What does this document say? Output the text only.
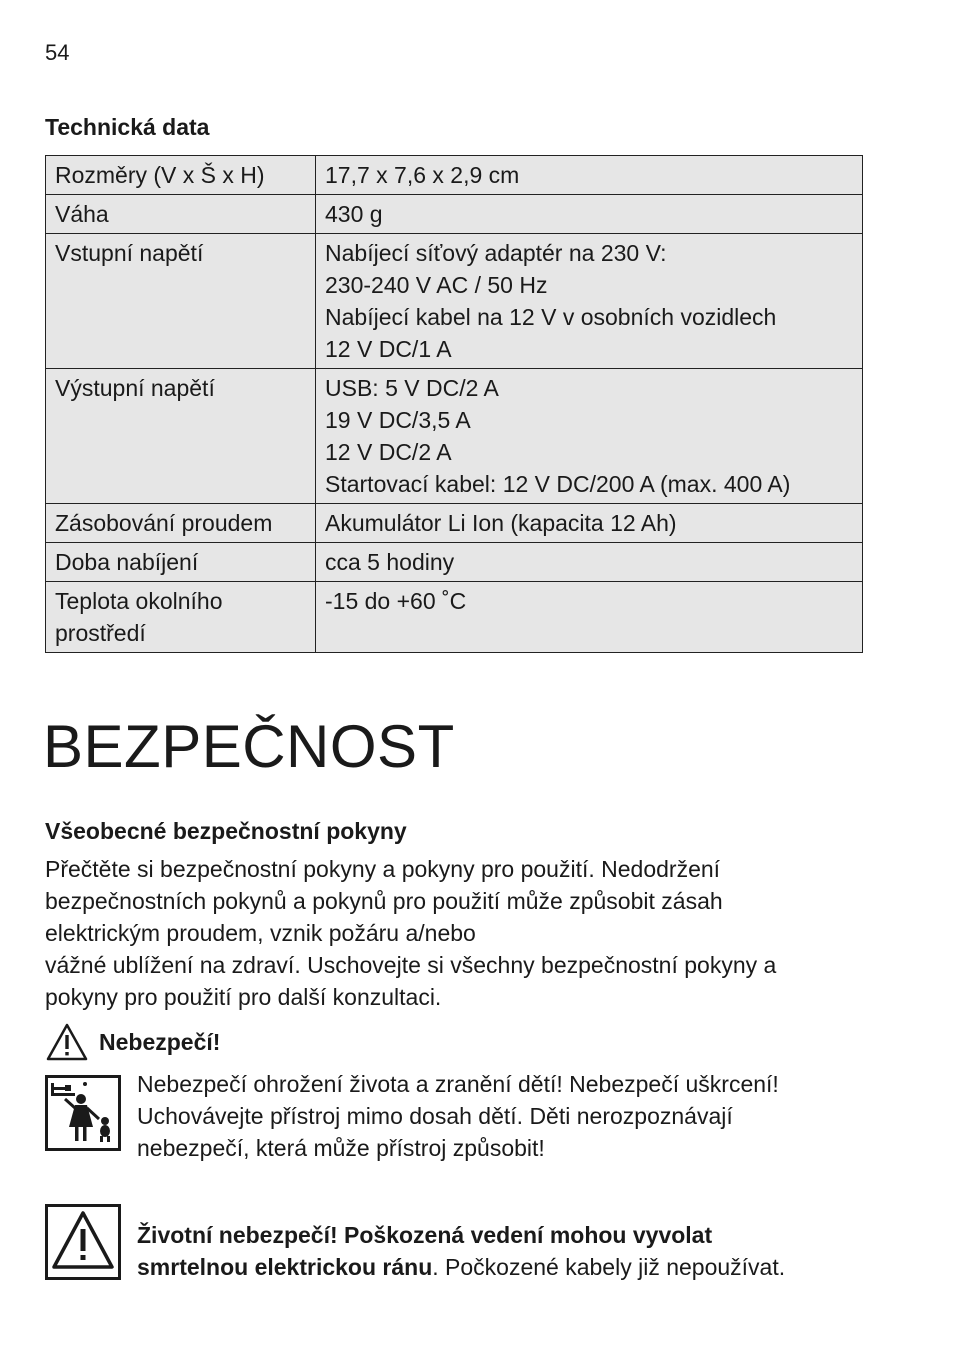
54
Technická data
Rozměry (V x Š x H)	17,7 x 7,6 x 2,9 cm

Váha	430 g

Vstupní napětí	Nabíjecí síťový adaptér na 230 V:
230-240 V AC / 50 Hz
Nabíjecí kabel na 12 V v osobních vozidlech
12 V DC/1 A

Výstupní napětí	USB: 5 V DC/2 A
19 V DC/3,5 A
12 V DC/2 A
Startovací kabel: 12 V DC/200 A (max. 400 A)

Zásobování proudem	Akumulátor Li Ion (kapacita 12 Ah)

Doba nabíjení	cca 5 hodiny

Teplota okolního
prostředí	-15 do +60 ˚C
BEZPEČNOST
Všeobecné bezpečnostní pokyny
Přečtěte si bezpečnostní pokyny a pokyny pro použití. Nedodržení
bezpečnostních pokynů a pokynů pro použití může způsobit zásah
elektrickým proudem, vznik požáru a/nebo
vážné ublížení na zdraví. Uschovejte si všechny bezpečnostní pokyny a
pokyny pro použití pro další konzultaci.
Nebezpečí!
Nebezpečí ohrožení života a zranění dětí! Nebezpečí uškrcení!
Uchovávejte přístroj mimo dosah dětí. Děti nerozpoznávají
nebezpečí, která může přístroj způsobit!
Životní nebezpečí! Poškozená vedení mohou vyvolat
smrtelnou elektrickou ránu. Počkozené kabely již nepoužívat.
